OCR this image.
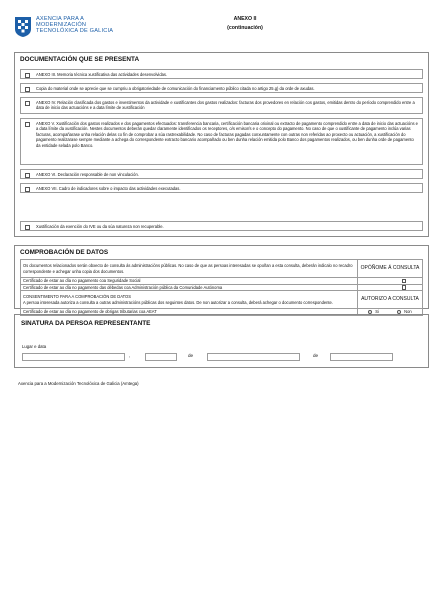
AXENCIA PARA A
MODERNIZACIÓN
TECNOLÓXICA DE GALICIA
ANEXO II
(continuación)
DOCUMENTACIÓN QUE SE PRESENTA
ANEXO III. Memoria técnica xustificativa das actividades desenvolvidas.
Copia do material onde se aprecie que se cumpriu a obrigatoriedade de comunicación do financiamento público citada no artigo 25.g) da orde de axudas.
ANEXO IV. Relación clasificada dos gastos e investimentos da actividade e xustificantes dos gastos realizados: facturas dos provedores en relación cos gastos, emitidas dentro do período comprendido entre a data de inicio das actuacións e a data límite de xustificación
ANEXO V. Xustificación dos gastos realizados e dos pagamentos efectuados: transferencia bancaria, certificación bancaria orixinal ou extracto de pagamento comprendido entre a data de inicio das actuacións e a data límite da xustificación. Nestes documentos deberán quedar claramente identificados os receptores, o/s emisor/s e o concepto do pagamento. No caso de que o xustificante de pagamento inclúa varias facturas, acompañarase unha relación delas co fin de comprobar a súa rastrexabilidade. No caso de facturas pagadas conxuntamente con outras non referidas ao proxecto ou actuación, a xustificación do pagamento realizarase sempre mediante a achega do correspondente extracto bancario acompañado ou ben dunha relación emitida polo Banco dos pagamentos realizados, ou ben dunha orde de pagamento da entidade selada polo Banco.
ANEXO VI. Declaración responsable de non vinculación.
ANEXO VII. Cadro de indicadores sobre o impacto das actividades executadas.
Xustificación da exención do IVE ou da súa natureza non recuperable.
COMPROBACIÓN DE DATOS
Os documentos relacionados serán obxecto de consulta ás administracións públicas. No caso de que as persoas interesadas se opoñan a esta consulta, deberán indicalo no recadro correspondente e achegar unha copia dos documentos.	OPÓÑOME Á CONSULTA
Certificado de estar ao día no pagamento coa Seguridade Social	
Certificado de estar ao día no pagamento das débedas coa Administración pública da Comunidade Autónoma	

CONSENTIMENTO PARA A COMPROBACIÓN DE DATOS
A persoa interesada autoriza a consulta a outras administracións públicas dos seguintes datos. De non autorizar a consulta, deberá achegar o documento correspondente.	AUTORIZO A CONSULTA
Certificado de estar ao día no pagamento de obrigas tributarias coa AEAT	Si
Non
SINATURA DA PERSOA REPRESENTANTE
Lugar e data
,	de	de
Axencia para a Modernización Tecnolóxica de Galicia (Amtega)
